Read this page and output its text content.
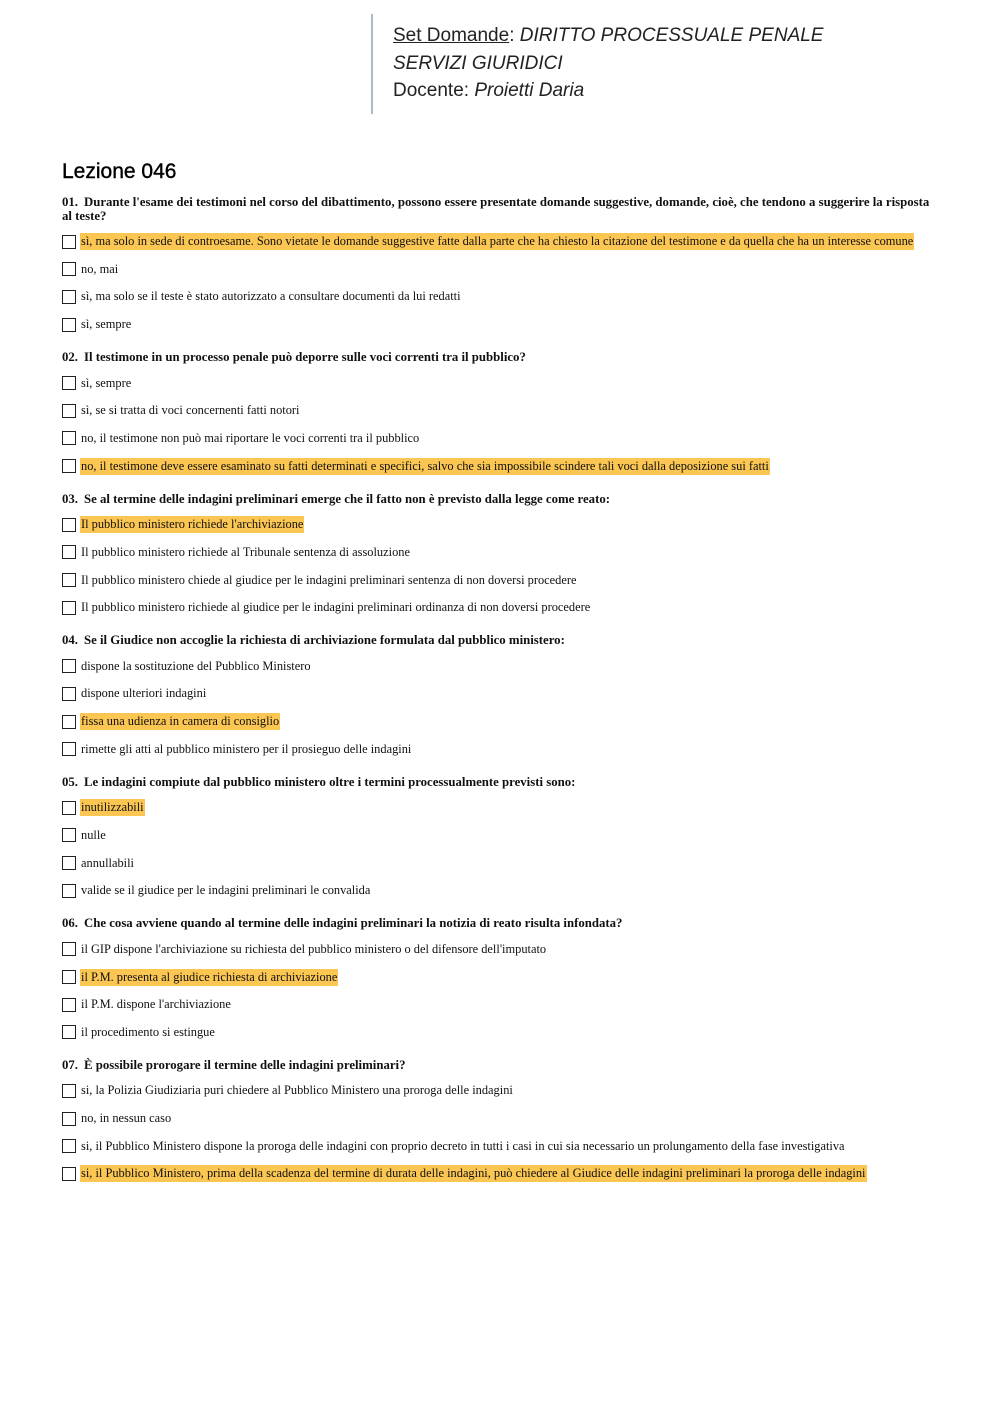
Set Domande: DIRITTO PROCESSUALE PENALE
SERVIZI GIURIDICI
Docente: Proietti Daria
Lezione 046

01. Durante l'esame dei testimoni nel corso del dibattimento, possono essere presentate domande suggestive, domande, cioè, che tendono a suggerire la risposta al teste?

sì, ma solo in sede di controesame. Sono vietate le domande suggestive fatte dalla parte che ha chiesto la citazione del testimone e da quella che ha un interesse comune
no, mai
sì, ma solo se il teste è stato autorizzato a consultare documenti da lui redatti
sì, sempre

02. Il testimone in un processo penale può deporre sulle voci correnti tra il pubblico?

sì, sempre
sì, se si tratta di voci concernenti fatti notori
no, il testimone non può mai riportare le voci correnti tra il pubblico
no, il testimone deve essere esaminato su fatti determinati e specifici, salvo che sia impossibile scindere tali voci dalla deposizione sui fatti

03. Se al termine delle indagini preliminari emerge che il fatto non è previsto dalla legge come reato:

Il pubblico ministero richiede l'archiviazione
Il pubblico ministero richiede al Tribunale sentenza di assoluzione
Il pubblico ministero chiede al giudice per le indagini preliminari sentenza di non doversi procedere
Il pubblico ministero richiede al giudice per le indagini preliminari ordinanza di non doversi procedere

04. Se il Giudice non accoglie la richiesta di archiviazione formulata dal pubblico ministero:

dispone la sostituzione del Pubblico Ministero
dispone ulteriori indagini
fissa una udienza in camera di consiglio
rimette gli atti al pubblico ministero per il prosieguo delle indagini

05. Le indagini compiute dal pubblico ministero oltre i termini processualmente previsti sono:

inutilizzabili
nulle
annullabili
valide se il giudice per le indagini preliminari le convalida

06. Che cosa avviene quando al termine delle indagini preliminari la notizia di reato risulta infondata?

il GIP dispone l'archiviazione su richiesta del pubblico ministero o del difensore dell'imputato
il P.M. presenta al giudice richiesta di archiviazione
il P.M. dispone l'archiviazione
il procedimento si estingue

07. È possibile prorogare il termine delle indagini preliminari?

si, la Polizia Giudiziaria puri chiedere al Pubblico Ministero una proroga delle indagini
no, in nessun caso
si, il Pubblico Ministero dispone la proroga delle indagini con proprio decreto in tutti i casi in cui sia necessario un prolungamento della fase investigativa
si, il Pubblico Ministero, prima della scadenza del termine di durata delle indagini, può chiedere al Giudice delle indagini preliminari la proroga delle indagini
